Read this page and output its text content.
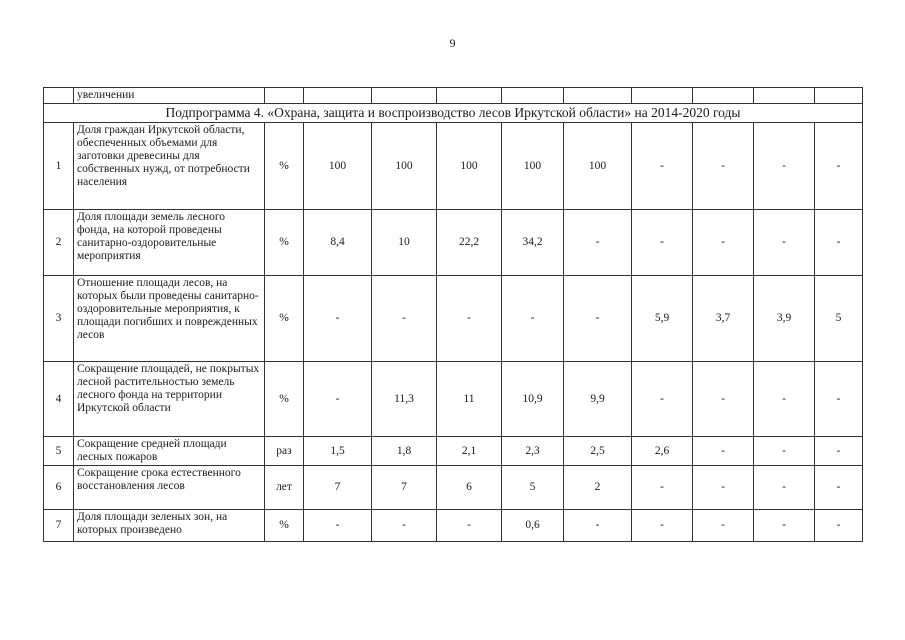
9
	увеличении										
Подпрограмма 4. «Охрана, защита и воспроизводство лесов Иркутской области» на 2014-2020 годы											
1	Доля граждан Иркутской области, обеспеченных объемами для заготовки древесины для собственных нужд, от потребности населения	%	100	100	100	100	100	-	-	-	-
2	Доля площади земель лесного фонда, на которой проведены санитарно-оздоровительные мероприятия	%	8,4	10	22,2	34,2	-	-	-	-	-
3	Отношение площади лесов, на которых были проведены санитарно-оздоровительные мероприятия, к площади погибших и поврежденных лесов	%	-	-	-	-	-	5,9	3,7	3,9	5
4	Сокращение площадей, не покрытых лесной растительностью земель лесного фонда на территории Иркутской области	%	-	11,3	11	10,9	9,9	-	-	-	-
5	Сокращение средней площади лесных пожаров	раз	1,5	1,8	2,1	2,3	2,5	2,6	-	-	-
6	Сокращение срока естественного восстановления лесов	лет	7	7	6	5	2	-	-	-	-
7	Доля площади зеленых зон, на которых произведено	%	-	-	-	0,6	-	-	-	-	-
